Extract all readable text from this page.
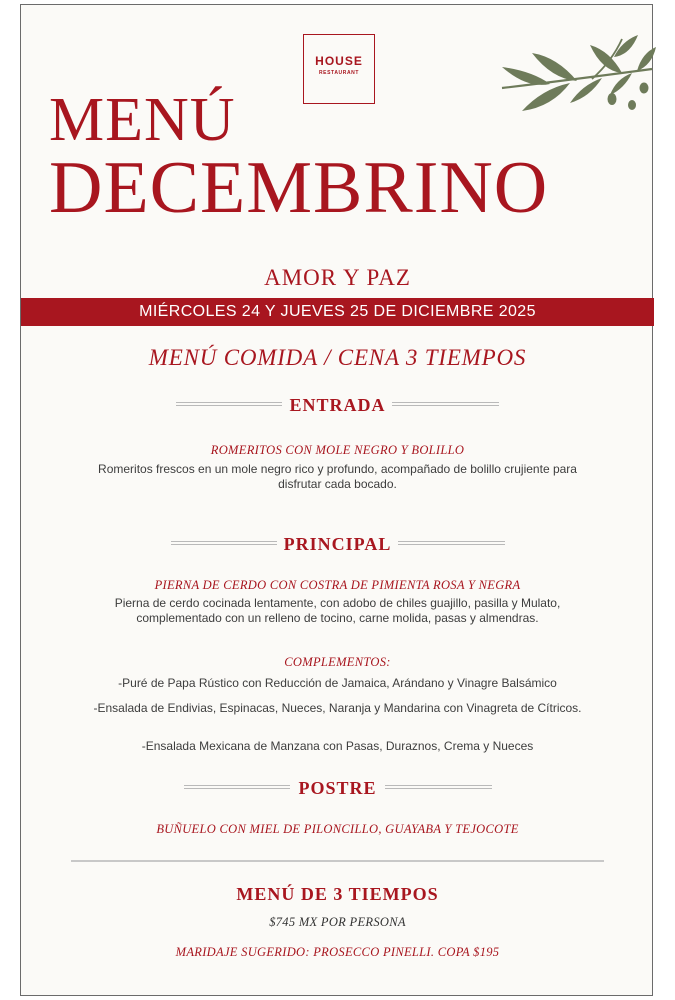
HOUSE
RESTAURANT
MENÚ
DECEMBRINO
AMOR Y PAZ
MIÉRCOLES 24 Y JUEVES 25 DE DICIEMBRE 2025
MENÚ COMIDA / CENA 3 TIEMPOS
ENTRADA
ROMERITOS CON MOLE NEGRO Y BOLILLO
Romeritos frescos en un mole negro rico y profundo, acompañado de bolillo crujiente para disfrutar cada bocado.
PRINCIPAL
PIERNA DE CERDO CON COSTRA DE PIMIENTA ROSA Y NEGRA
Pierna de cerdo cocinada lentamente, con adobo de chiles guajillo, pasilla y Mulato, complementado con un relleno de tocino, carne molida, pasas y almendras.
COMPLEMENTOS:
-Puré de Papa Rústico con Reducción de Jamaica, Arándano y Vinagre Balsámico
-Ensalada de Endivias, Espinacas, Nueces, Naranja y Mandarina con Vinagreta de Cítricos.
-Ensalada Mexicana de Manzana con Pasas, Duraznos, Crema y Nueces
POSTRE
BUÑUELO CON MIEL DE PILONCILLO, GUAYABA Y TEJOCOTE
MENÚ DE 3 TIEMPOS
$745 MX POR PERSONA
MARIDAJE SUGERIDO: PROSECCO PINELLI. COPA $195
